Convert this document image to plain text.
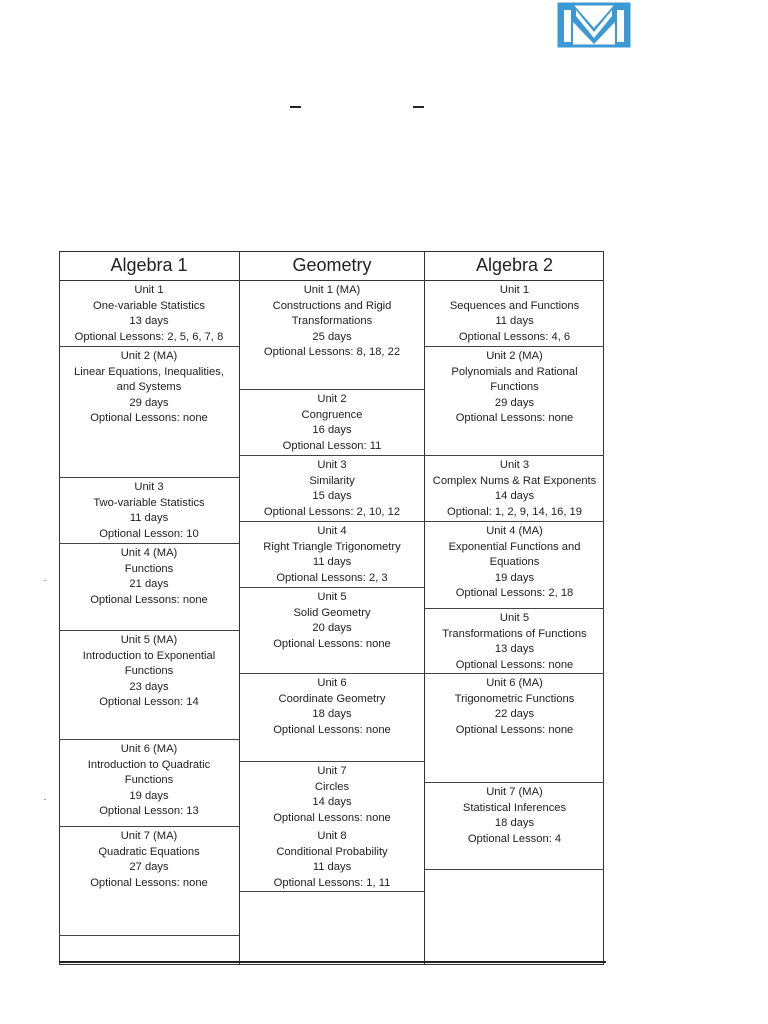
Algebra 1	Geometry	Algebra 2
Unit 1
One-variable Statistics
13 days
Optional Lessons: 2, 5, 6, 7, 8
Unit 2 (MA)
Linear Equations, Inequalities, and Systems
29 days
Optional Lessons: none
Unit 3
Two-variable Statistics
11 days
Optional Lesson: 10
Unit 4 (MA)
Functions
21 days
Optional Lessons: none
Unit 5 (MA)
Introduction to Exponential Functions
23 days
Optional Lesson: 14
Unit 6 (MA)
Introduction to Quadratic Functions
19 days
Optional Lesson: 13
Unit 7 (MA)
Quadratic Equations
27 days
Optional Lessons: none
Unit 1 (MA)
Constructions and Rigid Transformations
25 days
Optional Lessons: 8, 18, 22
Unit 2
Congruence
16 days
Optional Lesson: 11
Unit 3
Similarity
15 days
Optional Lessons: 2, 10, 12
Unit 4
Right Triangle Trigonometry
11 days
Optional Lessons: 2, 3
Unit 5
Solid Geometry
20 days
Optional Lessons: none
Unit 6
Coordinate Geometry
18 days
Optional Lessons: none
Unit 7
Circles
14 days
Optional Lessons: none
Unit 8
Conditional Probability
11 days
Optional Lessons: 1, 11
Unit 1
Sequences and Functions
11 days
Optional Lessons: 4, 6
Unit 2 (MA)
Polynomials and Rational Functions
29 days
Optional Lessons: none
Unit 3
Complex Nums & Rat Exponents
14 days
Optional: 1, 2, 9, 14, 16, 19
Unit 4 (MA)
Exponential Functions and Equations
19 days
Optional Lessons: 2, 18
Unit 5
Transformations of Functions
13 days
Optional Lessons: none
Unit 6 (MA)
Trigonometric Functions
22 days
Optional Lessons: none
Unit 7 (MA)
Statistical Inferences
18 days
Optional Lesson: 4
